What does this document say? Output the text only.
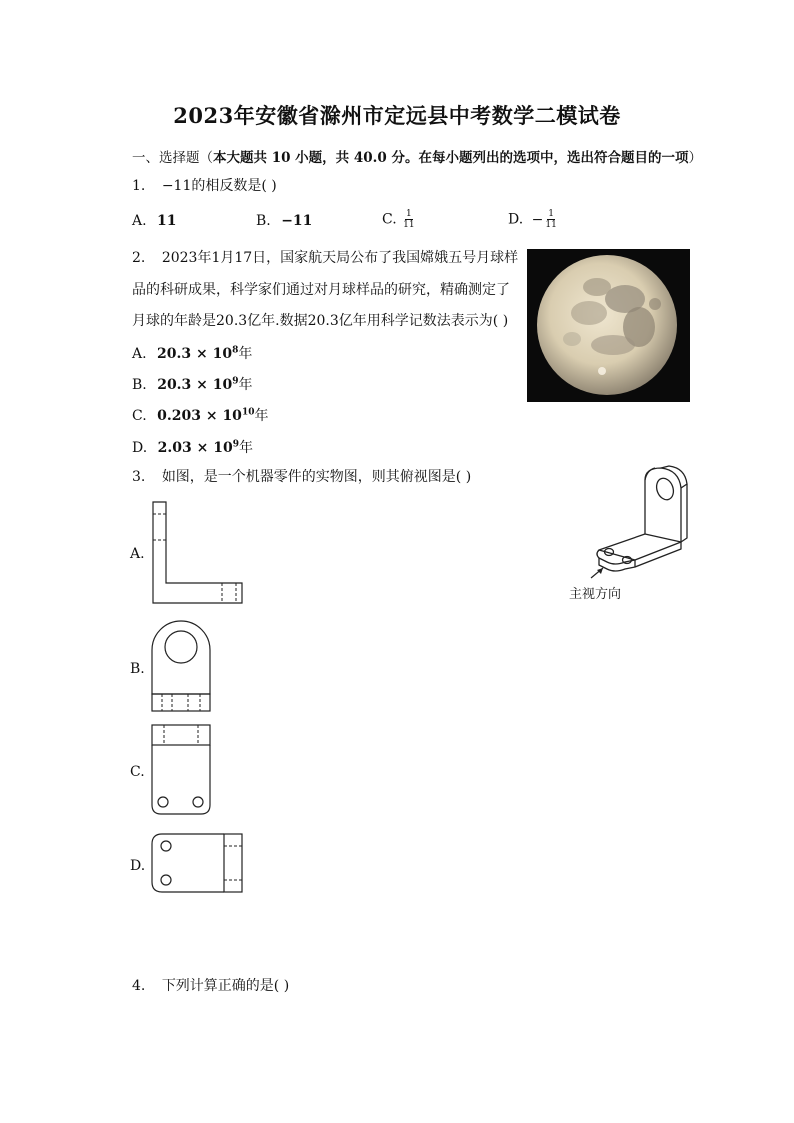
2023年安徽省滁州市定远县中考数学二模试卷
一、选择题（本大题共 10 小题，共 40.0 分。在每小题列出的选项中，选出符合题目的一项）
1. −11的相反数是( )
A. 11	B. −11	C. $\frac{1}{11}$	D. − $\frac{1}{11}$
2. 2023年1月17日，国家航天局公布了我国嫦娥五号月球样
品的科研成果，科学家们通过对月球样品的研究，精确测定了
月球的年龄是20.3亿年.数据20.3亿年用科学记数法表示为( )
A. $20.3 \times 10^8$年
B. $20.3 \times 10^9$年
C. $0.203 \times 10^{10}$年
D. $2.03 \times 10^9$年
3. 如图，是一个机器零件的实物图，则其俯视图是( )
A.
B.
C.
D.
主视方向
4. 下列计算正确的是( )
